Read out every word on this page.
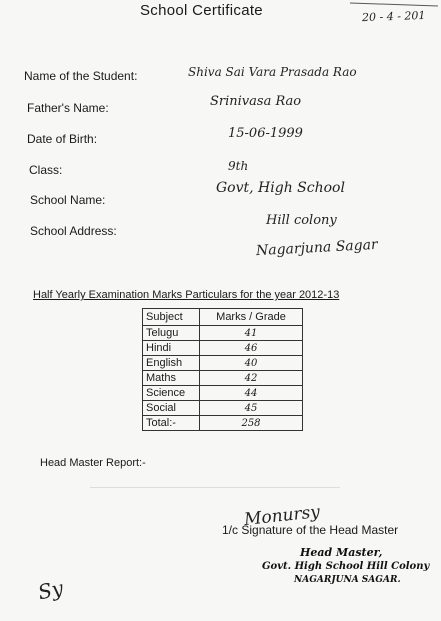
School Certificate	20 - 4 - 201
Name of the Student:	Shiva Sai Vara Prasada Rao
Father's Name:	Srinivasa Rao
Date of Birth:	15-06-1999
Class:	9th
School Name:
Govt, High School
School Address:
Hill colony
Nagarjuna Sagar
Half Yearly Examination Marks Particulars for the year 2012-13
Subject	Marks / Grade
Telugu	41
Hindi	46
English	40
Maths	42
Science	44
Social	45
Total:-	258
Head Master Report:-
Monursy
1/c Signature of the Head Master
Head Master,
Govt. High School Hill Colony
NAGARJUNA SAGAR.
Sy
